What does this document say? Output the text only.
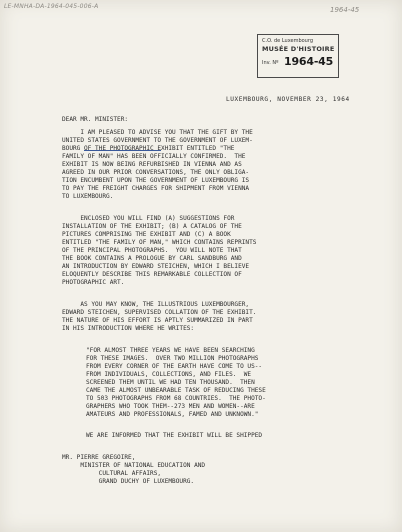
LE-MNHA-DA-1964-045-006-A	1964-45
C.O. de Luxembourg
MUSÉE D'HISTOIRE
Inv. Nº 1964-45
LUXEMBOURG, NOVEMBER 23, 1964
DEAR MR. MINISTER:
I AM PLEASED TO ADVISE YOU THAT THE GIFT BY THE
UNITED STATES GOVERNMENT TO THE GOVERNMENT OF LUXEM-
BOURG OF THE PHOTOGRAPHIC EXHIBIT ENTITLED "THE
FAMILY OF MAN" HAS BEEN OFFICIALLY CONFIRMED.  THE
EXHIBIT IS NOW BEING REFURBISHED IN VIENNA AND AS
AGREED IN OUR PRIOR CONVERSATIONS, THE ONLY OBLIGA-
TION ENCUMBENT UPON THE GOVERNMENT OF LUXEMBOURG IS
TO PAY THE FREIGHT CHARGES FOR SHIPMENT FROM VIENNA
TO LUXEMBOURG.
ENCLOSED YOU WILL FIND (A) SUGGESTIONS FOR
INSTALLATION OF THE EXHIBIT; (B) A CATALOG OF THE
PICTURES COMPRISING THE EXHIBIT AND (C) A BOOK
ENTITLED "THE FAMILY OF MAN," WHICH CONTAINS REPRINTS
OF THE PRINCIPAL PHOTOGRAPHS.  YOU WILL NOTE THAT
THE BOOK CONTAINS A PROLOGUE BY CARL SANDBURG AND
AN INTRODUCTION BY EDWARD STEICHEN, WHICH I BELIEVE
ELOQUENTLY DESCRIBE THIS REMARKABLE COLLECTION OF
PHOTOGRAPHIC ART.
AS YOU MAY KNOW, THE ILLUSTRIOUS LUXEMBOURGER,
EDWARD STEICHEN, SUPERVISED COLLATION OF THE EXHIBIT.
THE NATURE OF HIS EFFORT IS APTLY SUMMARIZED IN PART
IN HIS INTRODUCTION WHERE HE WRITES:
"FOR ALMOST THREE YEARS WE HAVE BEEN SEARCHING
FOR THESE IMAGES.  OVER TWO MILLION PHOTOGRAPHS
FROM EVERY CORNER OF THE EARTH HAVE COME TO US--
FROM INDIVIDUALS, COLLECTIONS, AND FILES.  WE
SCREENED THEM UNTIL WE HAD TEN THOUSAND.  THEN
CAME THE ALMOST UNBEARABLE TASK OF REDUCING THESE
TO 503 PHOTOGRAPHS FROM 68 COUNTRIES.  THE PHOTO-
GRAPHERS WHO TOOK THEM--273 MEN AND WOMEN--ARE
AMATEURS AND PROFESSIONALS, FAMED AND UNKNOWN."
WE ARE INFORMED THAT THE EXHIBIT WILL BE SHIPPED
MR. PIERRE GREGOIRE,
MINISTER OF NATIONAL EDUCATION AND
CULTURAL AFFAIRS,
GRAND DUCHY OF LUXEMBOURG.
